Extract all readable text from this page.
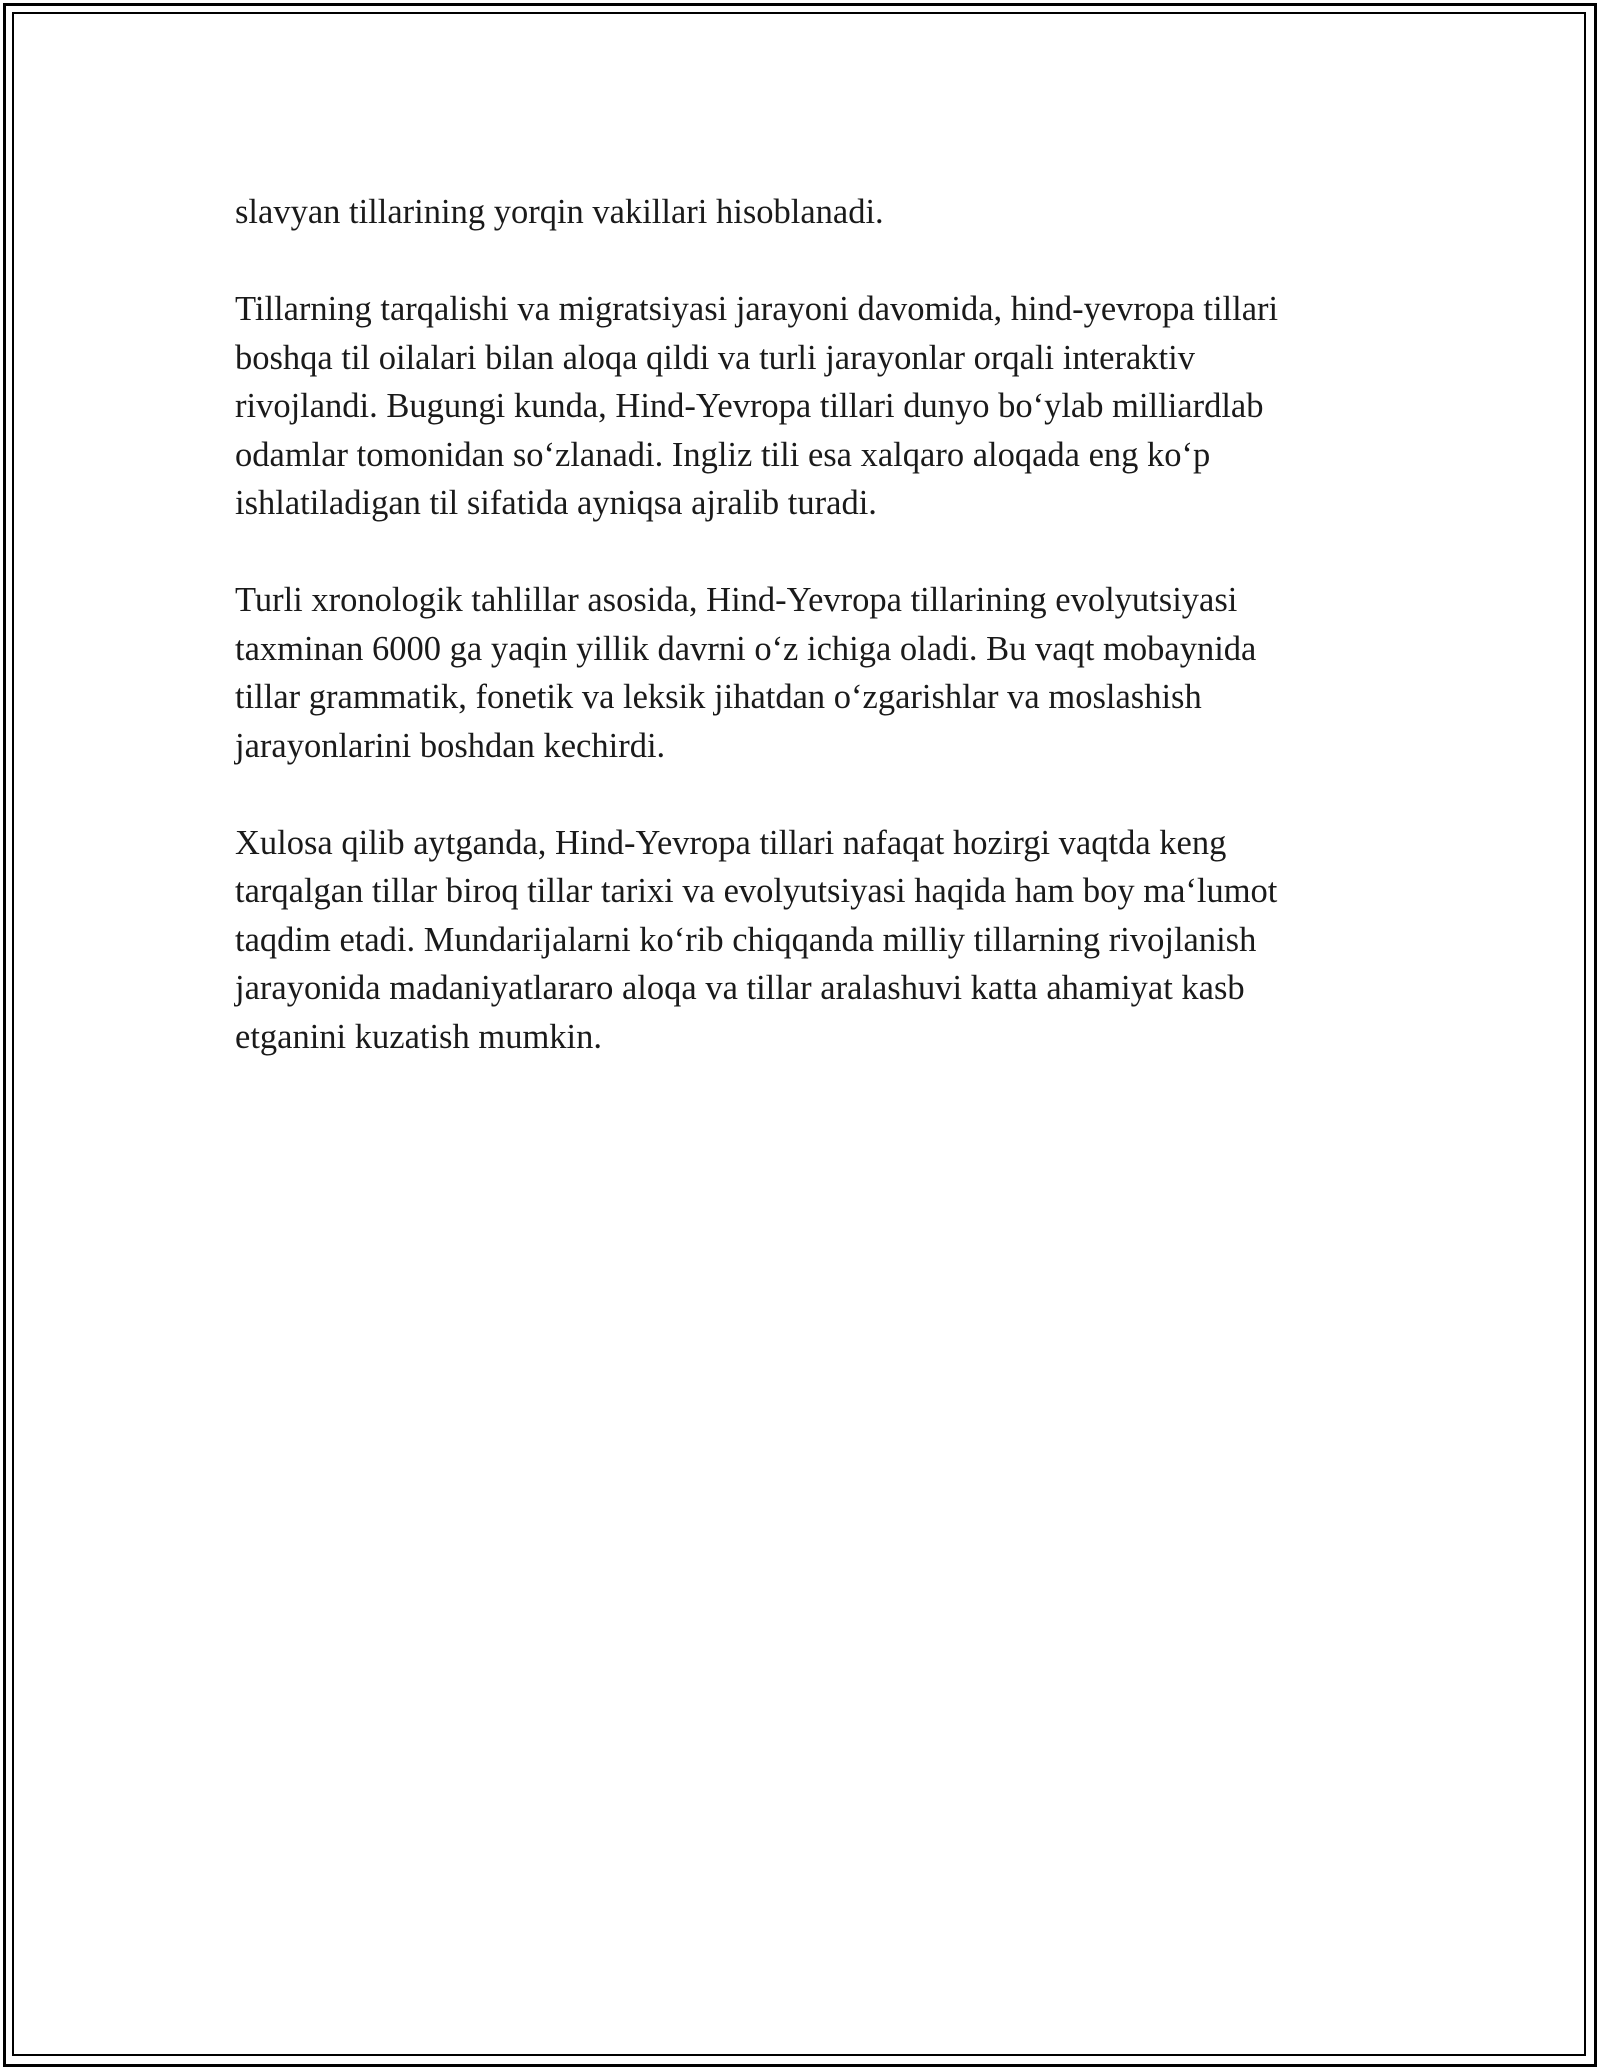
slavyan tillarining yorqin vakillari hisoblanadi.

Tillarning tarqalishi va migratsiyasi jarayoni davomida, hind-yevropa tillari
boshqa til oilalari bilan aloqa qildi va turli jarayonlar orqali interaktiv
rivojlandi. Bugungi kunda, Hind-Yevropa tillari dunyo bo‘ylab milliardlab
odamlar tomonidan so‘zlanadi. Ingliz tili esa xalqaro aloqada eng ko‘p
ishlatiladigan til sifatida ayniqsa ajralib turadi.

Turli xronologik tahlillar asosida, Hind-Yevropa tillarining evolyutsiyasi
taxminan 6000 ga yaqin yillik davrni o‘z ichiga oladi. Bu vaqt mobaynida
tillar grammatik, fonetik va leksik jihatdan o‘zgarishlar va moslashish
jarayonlarini boshdan kechirdi.

Xulosa qilib aytganda, Hind-Yevropa tillari nafaqat hozirgi vaqtda keng
tarqalgan tillar biroq tillar tarixi va evolyutsiyasi haqida ham boy ma‘lumot
taqdim etadi. Mundarijalarni ko‘rib chiqqanda milliy tillarning rivojlanish
jarayonida madaniyatlararo aloqa va tillar aralashuvi katta ahamiyat kasb
etganini kuzatish mumkin.
